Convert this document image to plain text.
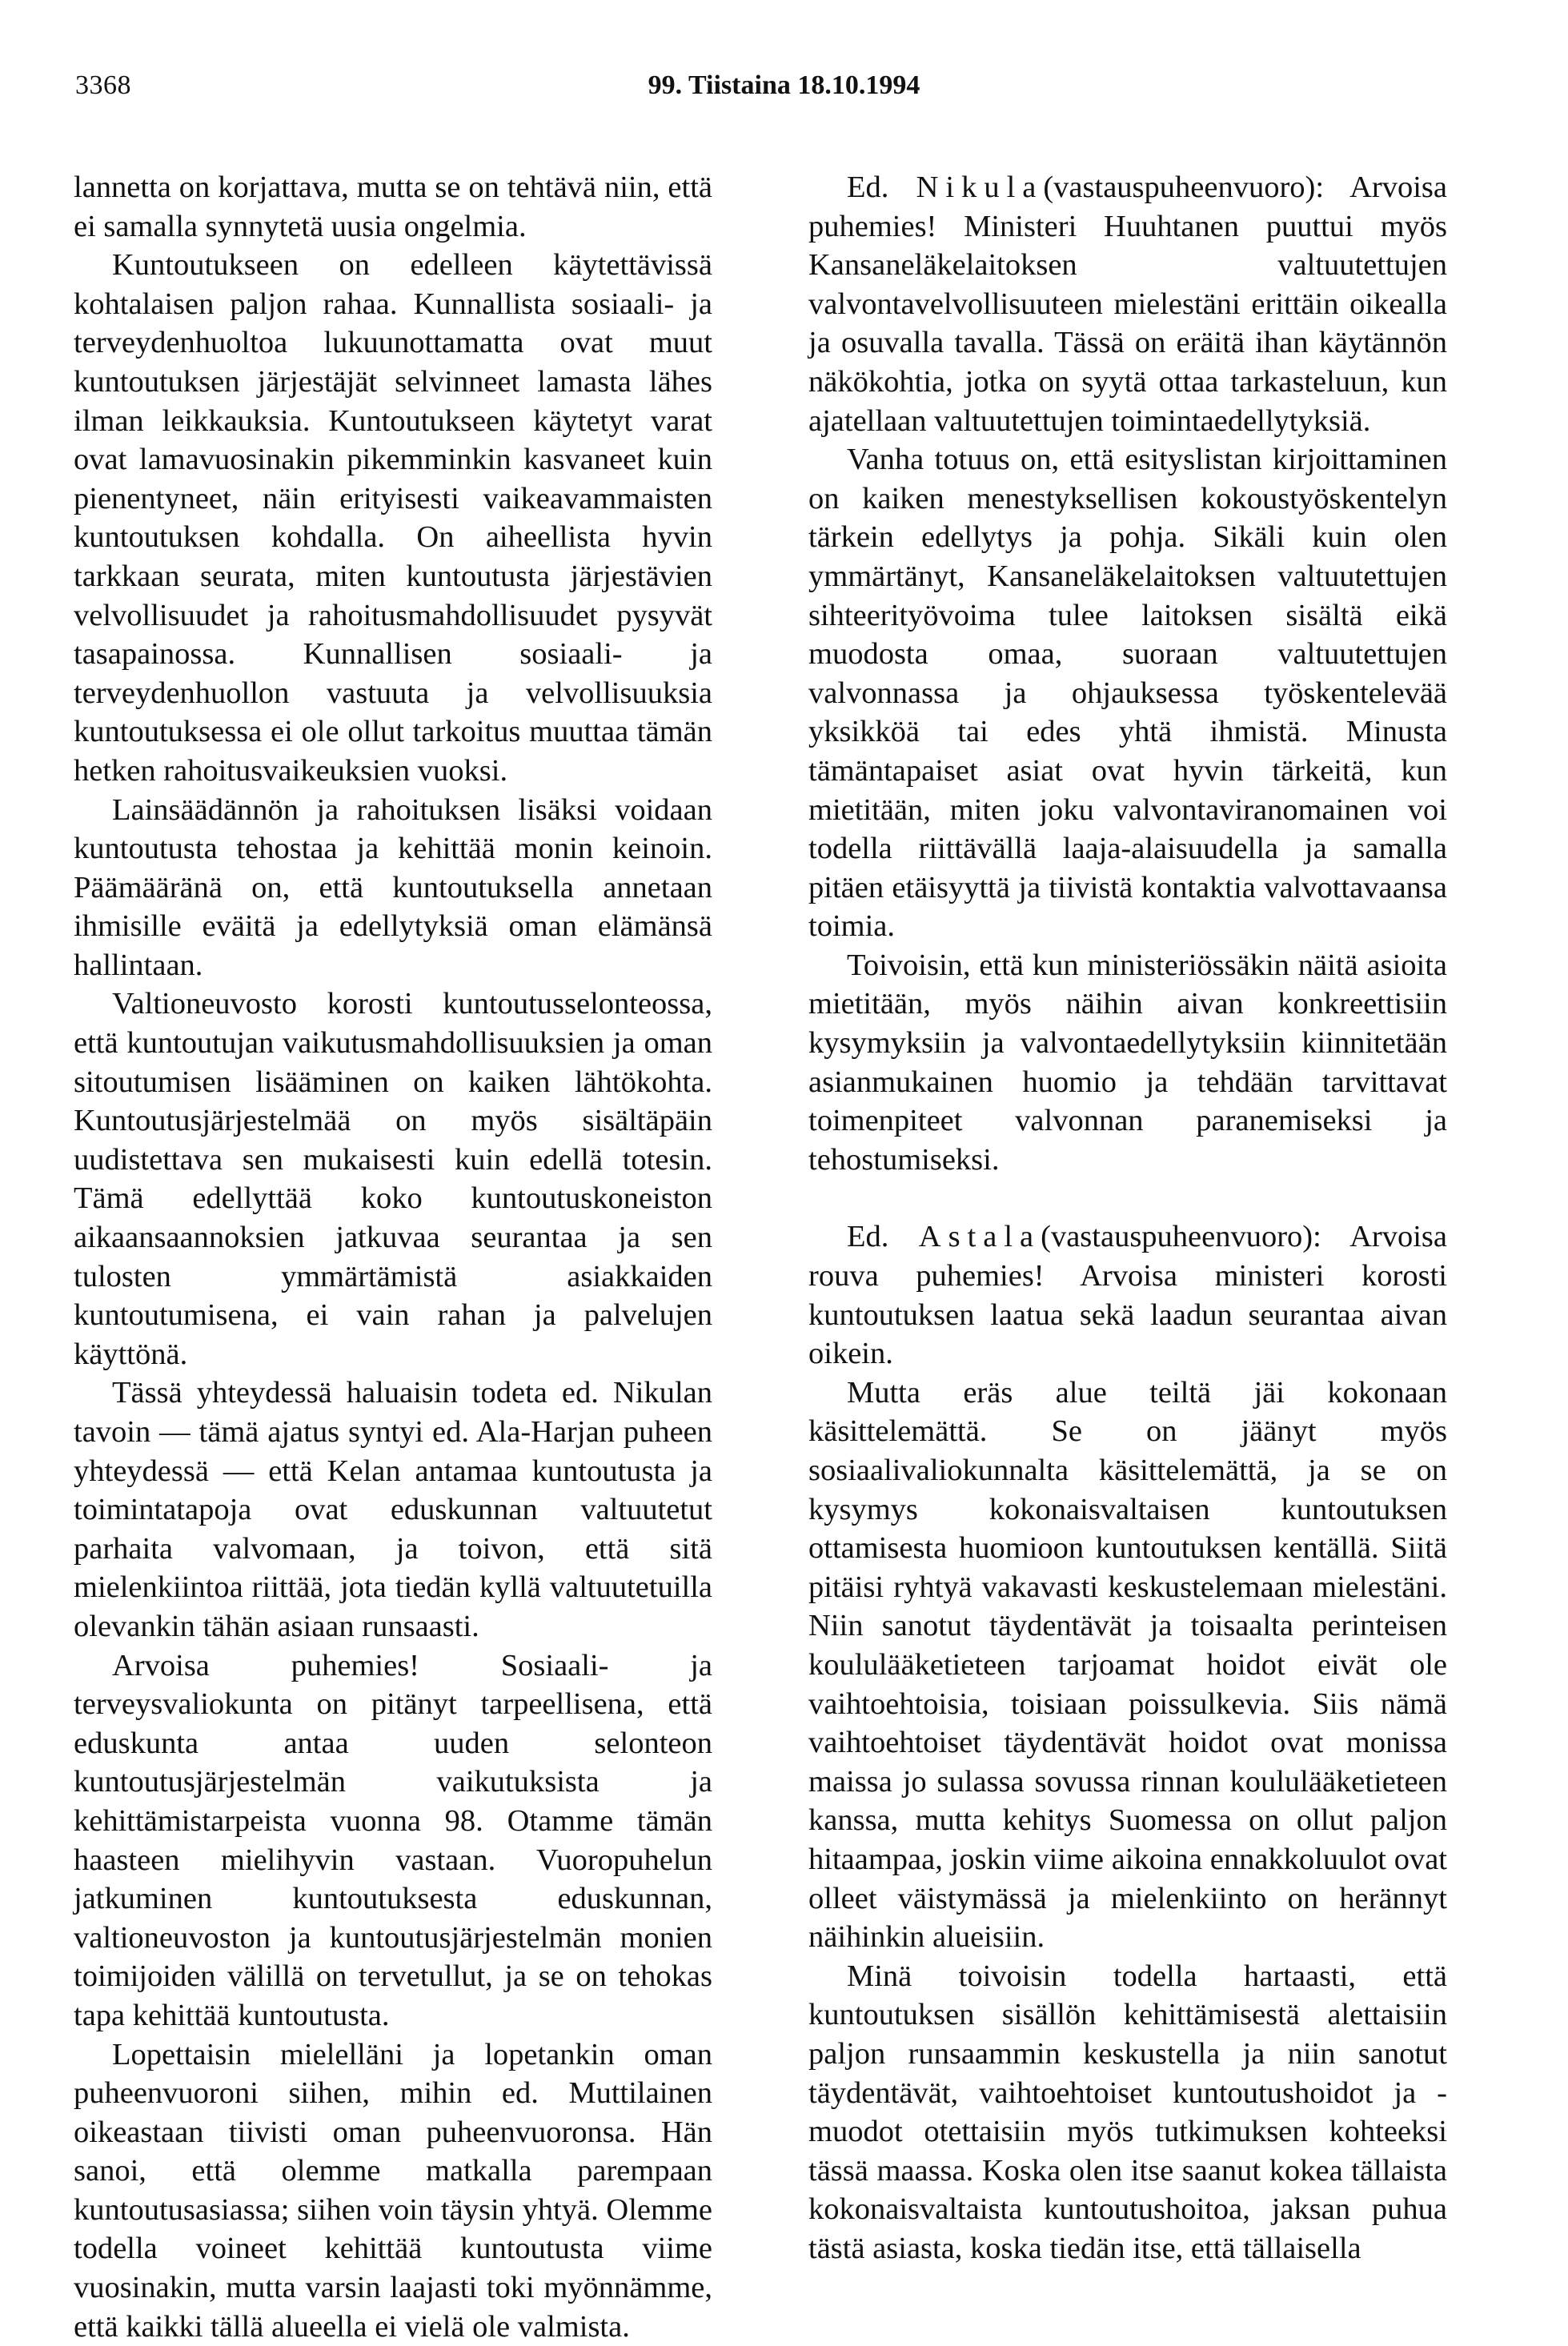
3368	99. Tiistaina 18.10.1994

lannetta on korjattava, mutta se on tehtävä niin, että ei samalla synnytetä uusia ongelmia.

Kuntoutukseen on edelleen käytettävissä kohtalaisen paljon rahaa. Kunnallista sosiaali- ja terveydenhuoltoa lukuunottamatta ovat muut kuntoutuksen järjestäjät selvinneet lamasta lähes ilman leikkauksia. Kuntoutukseen käytetyt varat ovat lamavuosinakin pikemminkin kasvaneet kuin pienentyneet, näin erityisesti vaikeavammaisten kuntoutuksen kohdalla. On aiheellista hyvin tarkkaan seurata, miten kuntoutusta järjestävien velvollisuudet ja rahoitusmahdollisuudet pysyvät tasapainossa. Kunnallisen sosiaali- ja terveydenhuollon vastuuta ja velvollisuuksia kuntoutuksessa ei ole ollut tarkoitus muuttaa tämän hetken rahoitusvaikeuksien vuoksi.

Lainsäädännön ja rahoituksen lisäksi voidaan kuntoutusta tehostaa ja kehittää monin keinoin. Päämääränä on, että kuntoutuksella annetaan ihmisille eväitä ja edellytyksiä oman elämänsä hallintaan.

Valtioneuvosto korosti kuntoutusselonteossa, että kuntoutujan vaikutusmahdollisuuksien ja oman sitoutumisen lisääminen on kaiken lähtökohta. Kuntoutusjärjestelmää on myös sisältäpäin uudistettava sen mukaisesti kuin edellä totesin. Tämä edellyttää koko kuntoutuskoneiston aikaansaannoksien jatkuvaa seurantaa ja sen tulosten ymmärtämistä asiakkaiden kuntoutumisena, ei vain rahan ja palvelujen käyttönä.

Tässä yhteydessä haluaisin todeta ed. Nikulan tavoin — tämä ajatus syntyi ed. Ala-Harjan puheen yhteydessä — että Kelan antamaa kuntoutusta ja toimintatapoja ovat eduskunnan valtuutetut parhaita valvomaan, ja toivon, että sitä mielenkiintoa riittää, jota tiedän kyllä valtuutetuilla olevankin tähän asiaan runsaasti.

Arvoisa puhemies! Sosiaali- ja terveysvaliokunta on pitänyt tarpeellisena, että eduskunta antaa uuden selonteon kuntoutusjärjestelmän vaikutuksista ja kehittämistarpeista vuonna 98. Otamme tämän haasteen mielihyvin vastaan. Vuoropuhelun jatkuminen kuntoutuksesta eduskunnan, valtioneuvoston ja kuntoutusjärjestelmän monien toimijoiden välillä on tervetullut, ja se on tehokas tapa kehittää kuntoutusta.

Lopettaisin mielelläni ja lopetankin oman puheenvuoroni siihen, mihin ed. Muttilainen oikeastaan tiivisti oman puheenvuoronsa. Hän sanoi, että olemme matkalla parempaan kuntoutusasiassa; siihen voin täysin yhtyä. Olemme todella voineet kehittää kuntoutusta viime vuosinakin, mutta varsin laajasti toki myönnämme, että kaikki tällä alueella ei vielä ole valmista.

Ed. Nikula(vastauspuheenvuoro): Arvoisa puhemies! Ministeri Huuhtanen puuttui myös Kansaneläkelaitoksen valtuutettujen valvontavelvollisuuteen mielestäni erittäin oikealla ja osuvalla tavalla. Tässä on eräitä ihan käytännön näkökohtia, jotka on syytä ottaa tarkasteluun, kun ajatellaan valtuutettujen toimintaedellytyksiä.

Vanha totuus on, että esityslistan kirjoittaminen on kaiken menestyksellisen kokoustyöskentelyn tärkein edellytys ja pohja. Sikäli kuin olen ymmärtänyt, Kansaneläkelaitoksen valtuutettujen sihteerityövoima tulee laitoksen sisältä eikä muodosta omaa, suoraan valtuutettujen valvonnassa ja ohjauksessa työskentelevää yksikköä tai edes yhtä ihmistä. Minusta tämäntapaiset asiat ovat hyvin tärkeitä, kun mietitään, miten joku valvontaviranomainen voi todella riittävällä laaja-alaisuudella ja samalla pitäen etäisyyttä ja tiivistä kontaktia valvottavaansa toimia.

Toivoisin, että kun ministeriössäkin näitä asioita mietitään, myös näihin aivan konkreettisiin kysymyksiin ja valvontaedellytyksiin kiinnitetään asianmukainen huomio ja tehdään tarvittavat toimenpiteet valvonnan paranemiseksi ja tehostumiseksi.

Ed. Astala(vastauspuheenvuoro): Arvoisa rouva puhemies! Arvoisa ministeri korosti kuntoutuksen laatua sekä laadun seurantaa aivan oikein.

Mutta eräs alue teiltä jäi kokonaan käsittelemättä. Se on jäänyt myös sosiaalivaliokunnalta käsittelemättä, ja se on kysymys kokonaisvaltaisen kuntoutuksen ottamisesta huomioon kuntoutuksen kentällä. Siitä pitäisi ryhtyä vakavasti keskustelemaan mielestäni. Niin sanotut täydentävät ja toisaalta perinteisen koululääketieteen tarjoamat hoidot eivät ole vaihtoehtoisia, toisiaan poissulkevia. Siis nämä vaihtoehtoiset täydentävät hoidot ovat monissa maissa jo sulassa sovussa rinnan koululääketieteen kanssa, mutta kehitys Suomessa on ollut paljon hitaampaa, joskin viime aikoina ennakkoluulot ovat olleet väistymässä ja mielenkiinto on herännyt näihinkin alueisiin.

Minä toivoisin todella hartaasti, että kuntoutuksen sisällön kehittämisestä alettaisiin paljon runsaammin keskustella ja niin sanotut täydentävät, vaihtoehtoiset kuntoutushoidot ja -muodot otettaisiin myös tutkimuksen kohteeksi tässä maassa. Koska olen itse saanut kokea tällaista kokonaisvaltaista kuntoutushoitoa, jaksan puhua tästä asiasta, koska tiedän itse, että tällaisella
